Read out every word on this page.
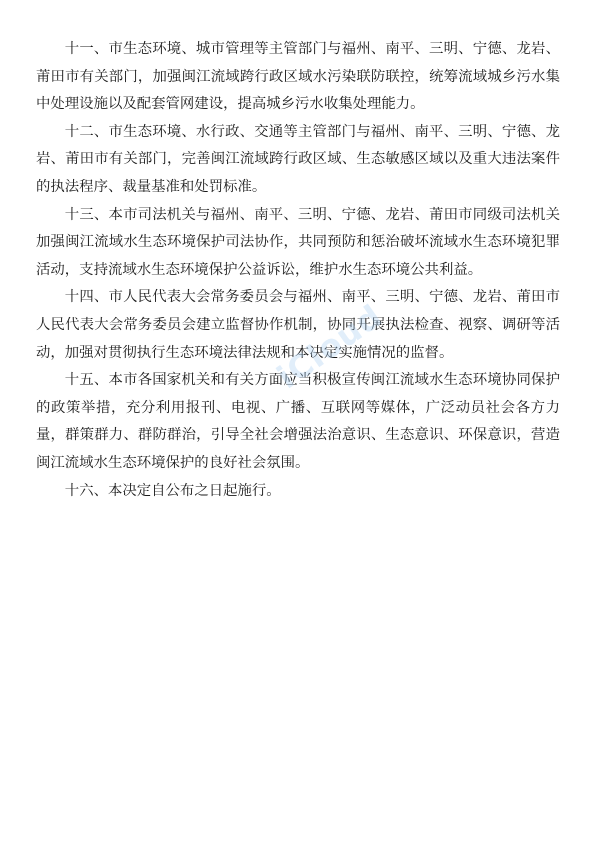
十一、市生态环境、城市管理等主管部门与福州、南平、三明、宁德、龙岩、莆田市有关部门，加强闽江流域跨行政区域水污染联防联控，统筹流域城乡污水集中处理设施以及配套管网建设，提高城乡污水收集处理能力。

十二、市生态环境、水行政、交通等主管部门与福州、南平、三明、宁德、龙岩、莆田市有关部门，完善闽江流域跨行政区域、生态敏感区域以及重大违法案件的执法程序、裁量基准和处罚标准。

十三、本市司法机关与福州、南平、三明、宁德、龙岩、莆田市同级司法机关加强闽江流域水生态环境保护司法协作，共同预防和惩治破坏流域水生态环境犯罪活动，支持流域水生态环境保护公益诉讼，维护水生态环境公共利益。

十四、市人民代表大会常务委员会与福州、南平、三明、宁德、龙岩、莆田市人民代表大会常务委员会建立监督协作机制，协同开展执法检查、视察、调研等活动，加强对贯彻执行生态环境法律法规和本决定实施情况的监督。

十五、本市各国家机关和有关方面应当积极宣传闽江流域水生态环境协同保护的政策举措，充分利用报刊、电视、广播、互联网等媒体，广泛动员社会各方力量，群策群力、群防群治，引导全社会增强法治意识、生态意识、环保意识，营造闽江流域水生态环境保护的良好社会氛围。

十六、本决定自公布之日起施行。

iCloud
